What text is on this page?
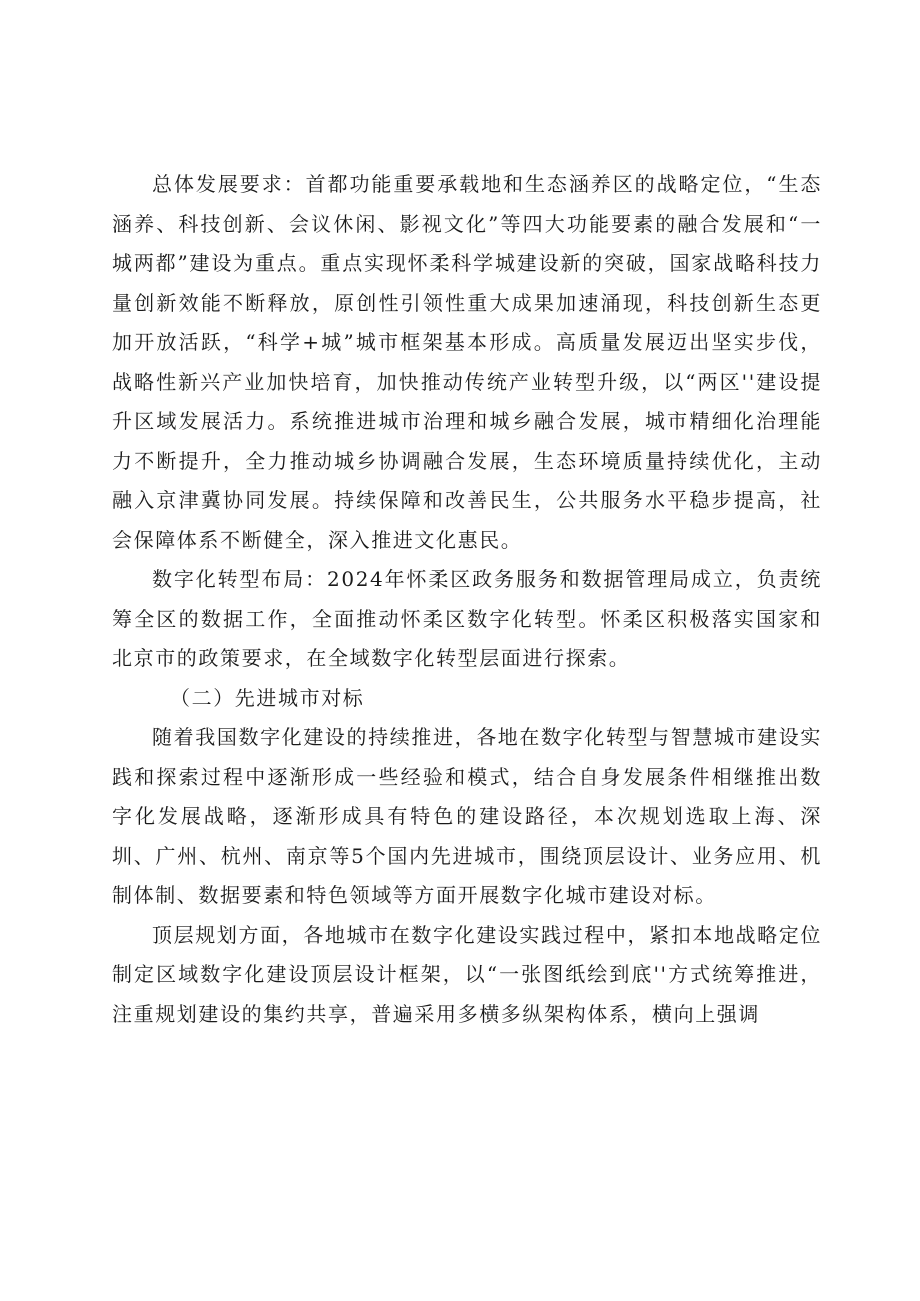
总体发展要求：首都功能重要承载地和生态涵养区的战略定位，“生态涵养、科技创新、会议休闲、影视文化”等四大功能要素的融合发展和“一城两都”建设为重点。重点实现怀柔科学城建设新的突破，国家战略科技力量创新效能不断释放，原创性引领性重大成果加速涌现，科技创新生态更加开放活跃，“科学+城”城市框架基本形成。高质量发展迈出坚实步伐，战略性新兴产业加快培育，加快推动传统产业转型升级，以“两区''建设提升区域发展活力。系统推进城市治理和城乡融合发展，城市精细化治理能力不断提升，全力推动城乡协调融合发展，生态环境质量持续优化，主动融入京津冀协同发展。持续保障和改善民生，公共服务水平稳步提高，社会保障体系不断健全，深入推进文化惠民。

数字化转型布局：2024年怀柔区政务服务和数据管理局成立，负责统筹全区的数据工作，全面推动怀柔区数字化转型。怀柔区积极落实国家和北京市的政策要求，在全域数字化转型层面进行探索。

（二）先进城市对标

随着我国数字化建设的持续推进，各地在数字化转型与智慧城市建设实践和探索过程中逐渐形成一些经验和模式，结合自身发展条件相继推出数字化发展战略，逐渐形成具有特色的建设路径，本次规划选取上海、深圳、广州、杭州、南京等5个国内先进城市，围绕顶层设计、业务应用、机制体制、数据要素和特色领域等方面开展数字化城市建设对标。

顶层规划方面，各地城市在数字化建设实践过程中，紧扣本地战略定位制定区域数字化建设顶层设计框架，以“一张图纸绘到底''方式统筹推进，注重规划建设的集约共享，普遍采用多横多纵架构体系，横向上强调
